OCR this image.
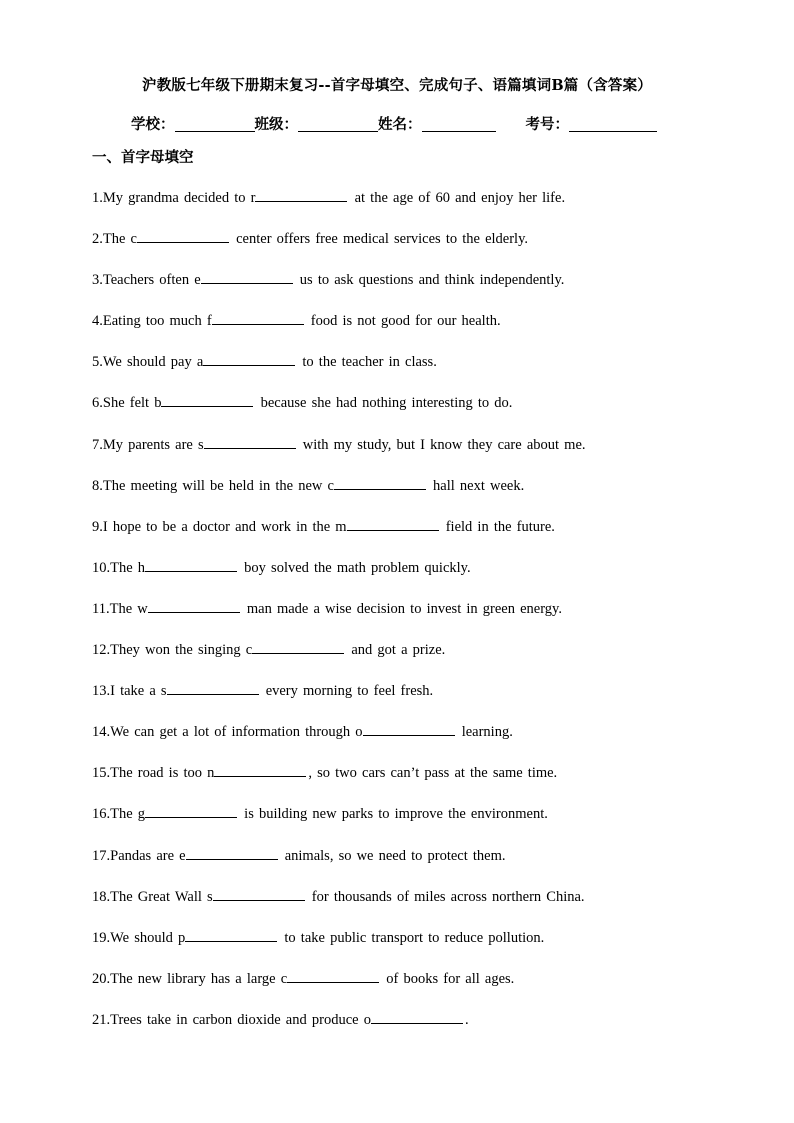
沪教版七年级下册期末复习--首字母填空、完成句子、语篇填词B篇（含答案）
学校：	班级：	姓名：	考号：
一、首字母填空
1.My grandma decided to r	at the age of 60 and enjoy her life.
2.The c	center offers free medical services to the elderly.
3.Teachers often e	us to ask questions and think independently.
4.Eating too much f	food is not good for our health.
5.We should pay a	to the teacher in class.
6.She felt b	because she had nothing interesting to do.
7.My parents are s	with my study, but I know they care about me.
8.The meeting will be held in the new c	hall next week.
9.I hope to be a doctor and work in the m	field in the future.
10.The h	boy solved the math problem quickly.
11.The w	man made a wise decision to invest in green energy.
12.They won the singing c	and got a prize.
13.I take a s	every morning to feel fresh.
14.We can get a lot of information through o	learning.
15.The road is too n	, so two cars can’t pass at the same time.
16.The g	is building new parks to improve the environment.
17.Pandas are e	animals, so we need to protect them.
18.The Great Wall s	for thousands of miles across northern China.
19.We should p	to take public transport to reduce pollution.
20.The new library has a large c	of books for all ages.
21.Trees take in carbon dioxide and produce o	.
